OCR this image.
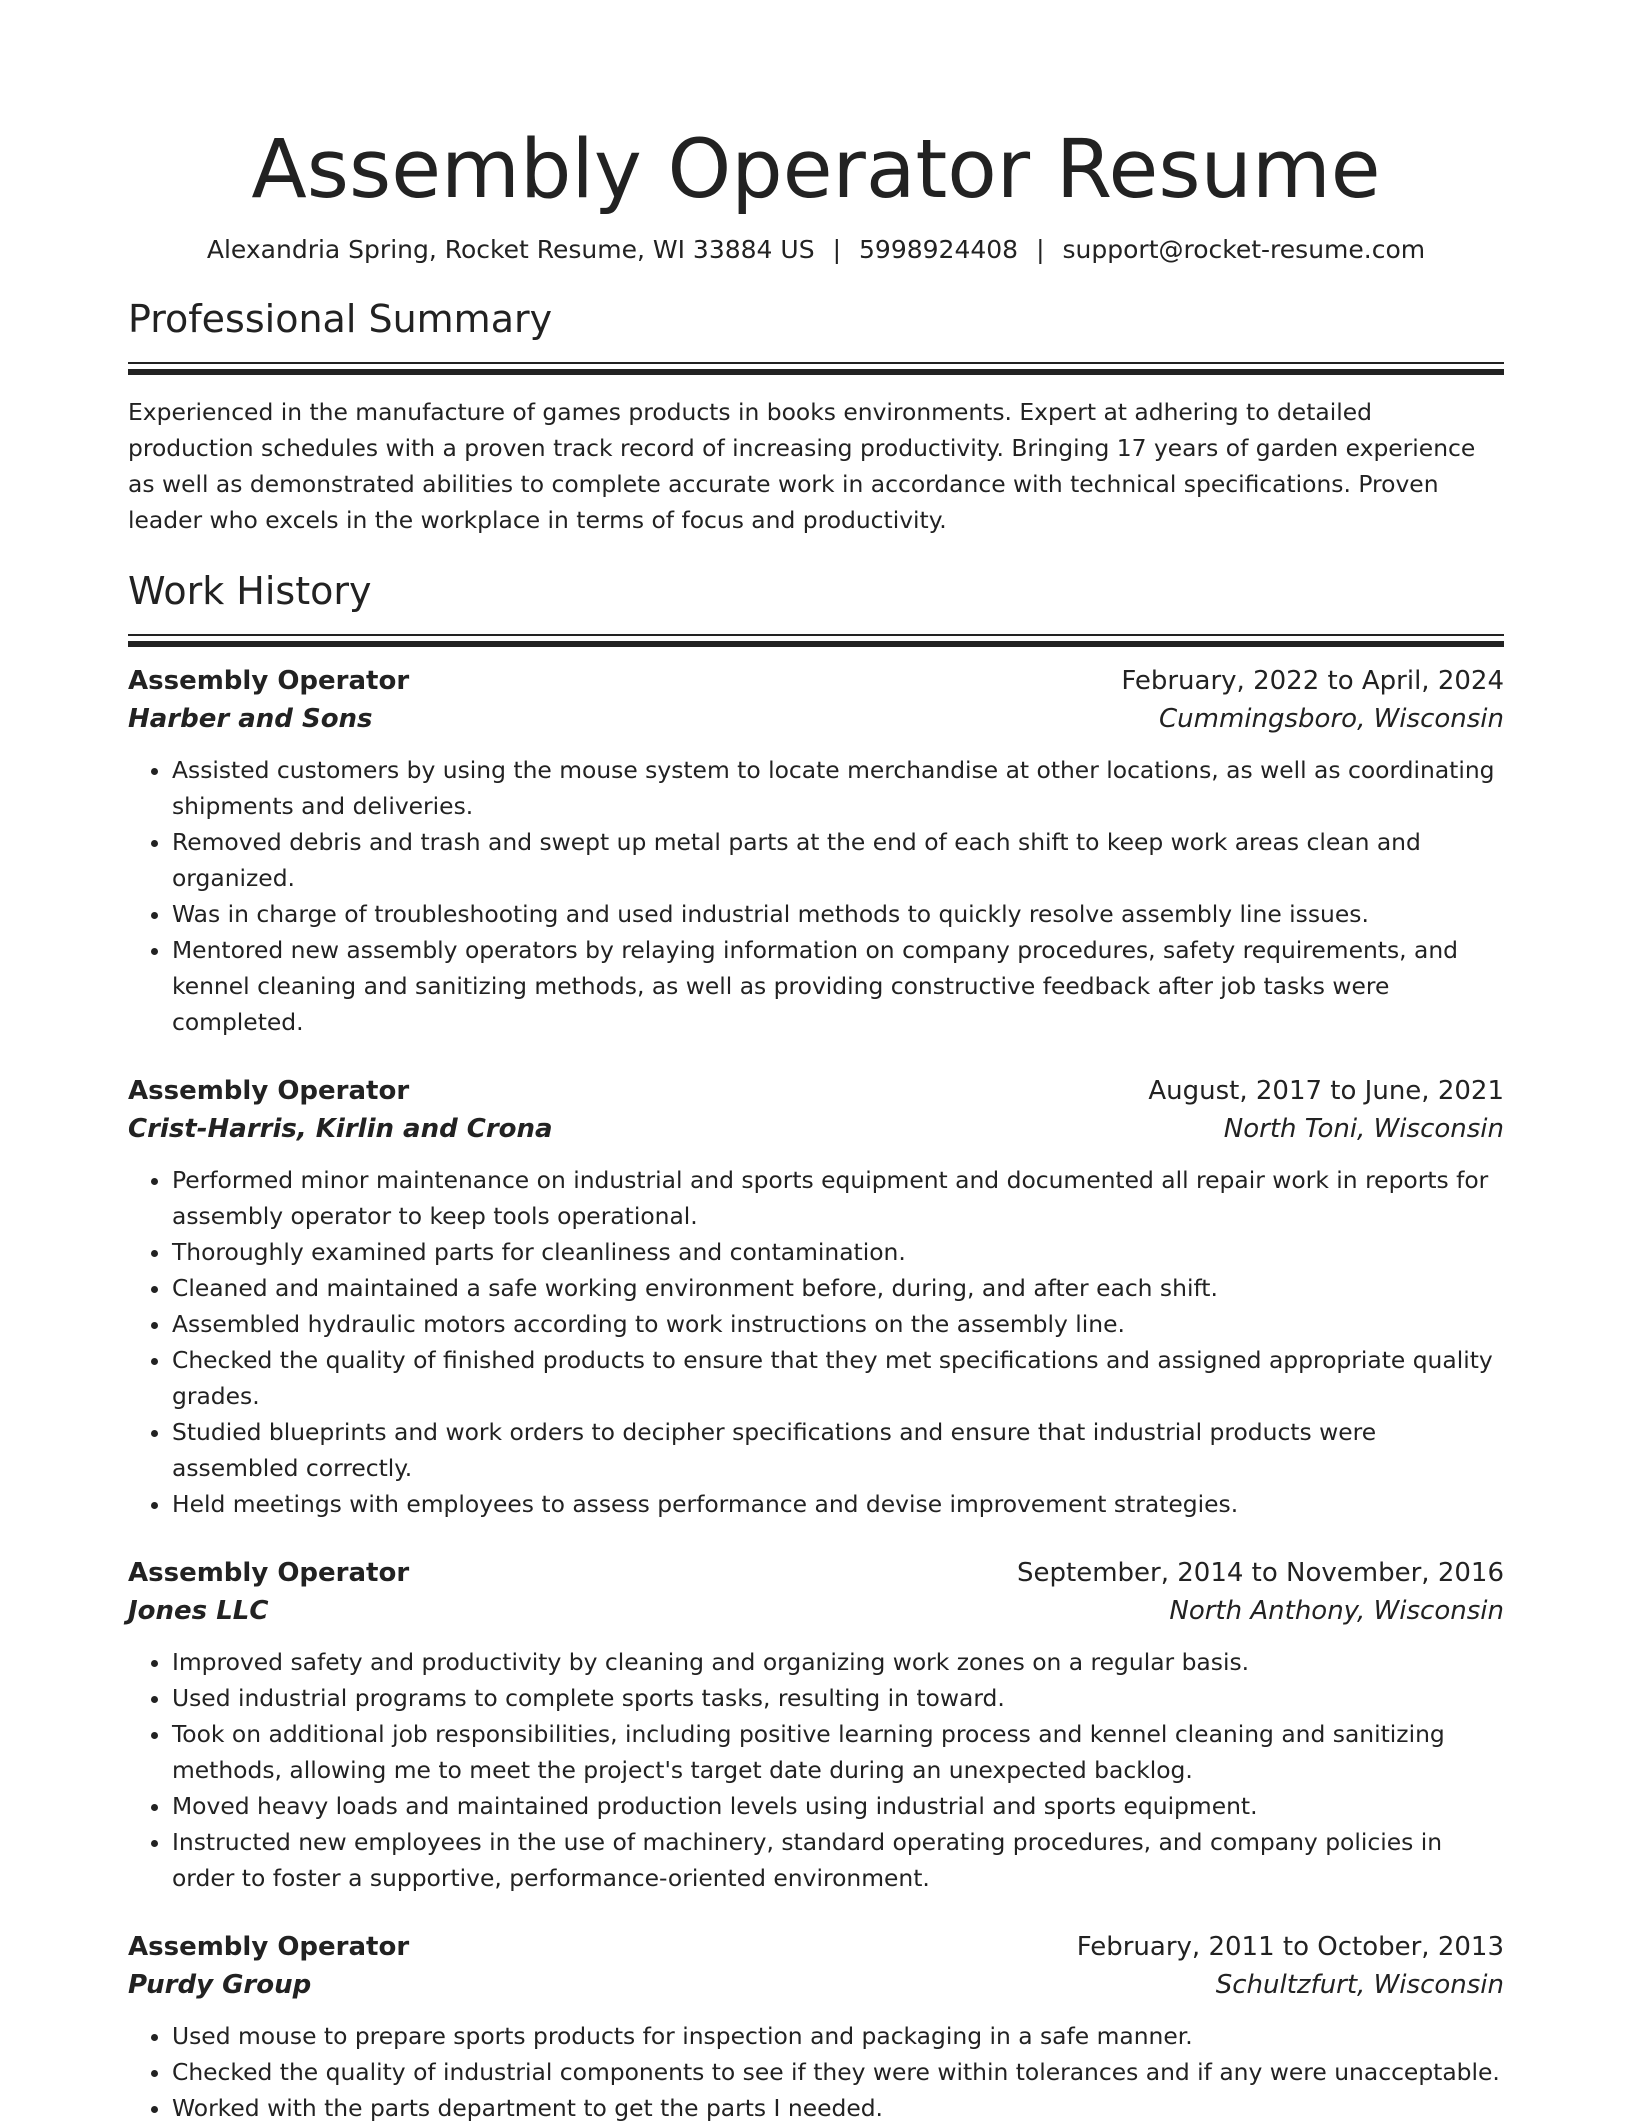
Assembly Operator Resume
Alexandria Spring, Rocket Resume, WI 33884 US | 5998924408 | support@rocket-resume.com
Professional Summary

Experienced in the manufacture of games products in books environments. Expert at adhering to detailed production schedules with a proven track record of increasing productivity. Bringing 17 years of garden experience as well as demonstrated abilities to complete accurate work in accordance with technical specifications. Proven leader who excels in the workplace in terms of focus and productivity.

Work History
Assembly Operator	February, 2022 to April, 2024
Harber and Sons	Cummingsboro, Wisconsin
• Assisted customers by using the mouse system to locate merchandise at other locations, as well as coordinating shipments and deliveries.
• Removed debris and trash and swept up metal parts at the end of each shift to keep work areas clean and organized.
• Was in charge of troubleshooting and used industrial methods to quickly resolve assembly line issues.
• Mentored new assembly operators by relaying information on company procedures, safety requirements, and kennel cleaning and sanitizing methods, as well as providing constructive feedback after job tasks were completed.
Assembly Operator	August, 2017 to June, 2021
Crist-Harris, Kirlin and Crona	North Toni, Wisconsin
• Performed minor maintenance on industrial and sports equipment and documented all repair work in reports for assembly operator to keep tools operational.
• Thoroughly examined parts for cleanliness and contamination.
• Cleaned and maintained a safe working environment before, during, and after each shift.
• Assembled hydraulic motors according to work instructions on the assembly line.
• Checked the quality of finished products to ensure that they met specifications and assigned appropriate quality grades.
• Studied blueprints and work orders to decipher specifications and ensure that industrial products were assembled correctly.
• Held meetings with employees to assess performance and devise improvement strategies.
Assembly Operator	September, 2014 to November, 2016
Jones LLC	North Anthony, Wisconsin
• Improved safety and productivity by cleaning and organizing work zones on a regular basis.
• Used industrial programs to complete sports tasks, resulting in toward.
• Took on additional job responsibilities, including positive learning process and kennel cleaning and sanitizing methods, allowing me to meet the project's target date during an unexpected backlog.
• Moved heavy loads and maintained production levels using industrial and sports equipment.
• Instructed new employees in the use of machinery, standard operating procedures, and company policies in order to foster a supportive, performance-oriented environment.
Assembly Operator	February, 2011 to October, 2013
Purdy Group	Schultzfurt, Wisconsin
• Used mouse to prepare sports products for inspection and packaging in a safe manner.
• Checked the quality of industrial components to see if they were within tolerances and if any were unacceptable.
• Worked with the parts department to get the parts I needed.
